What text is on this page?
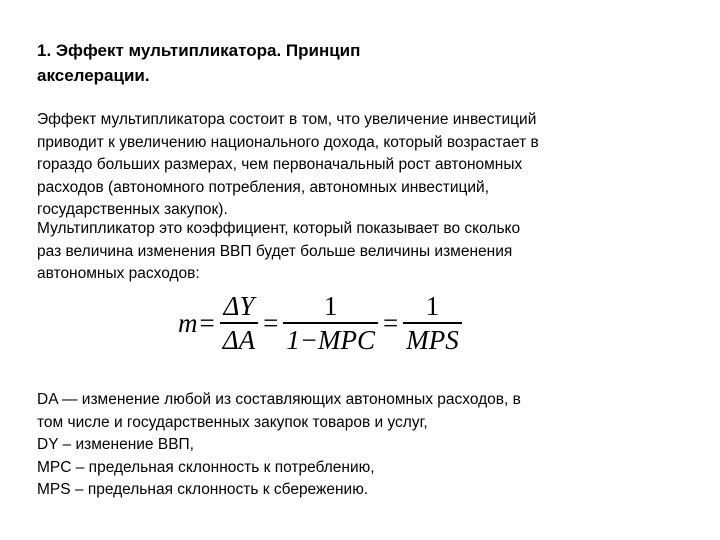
1. Эффект мультипликатора. Принцип
акселерации.
Эффект мультипликатора состоит в том, что увеличение инвестиций
приводит к увеличению национального дохода, который возрастает в
гораздо больших размерах, чем первоначальный рост автономных
расходов (автономного потребления, автономных инвестиций,
государственных закупок).
Мультипликатор это коэффициент, который показывает во сколько
раз величина изменения ВВП будет больше величины изменения
автономных расходов:
$m = \frac{\Delta Y}{\Delta A} = \frac{1}{\text{1−MPC}} = \frac{1}{\text{MPS}}$
DA — изменение любой из составляющих автономных расходов, в
том числе и государственных закупок товаров и услуг,
DY – изменение ВВП,
MPC – предельная склонность к потреблению,
MPS – предельная склонность к сбережению.
